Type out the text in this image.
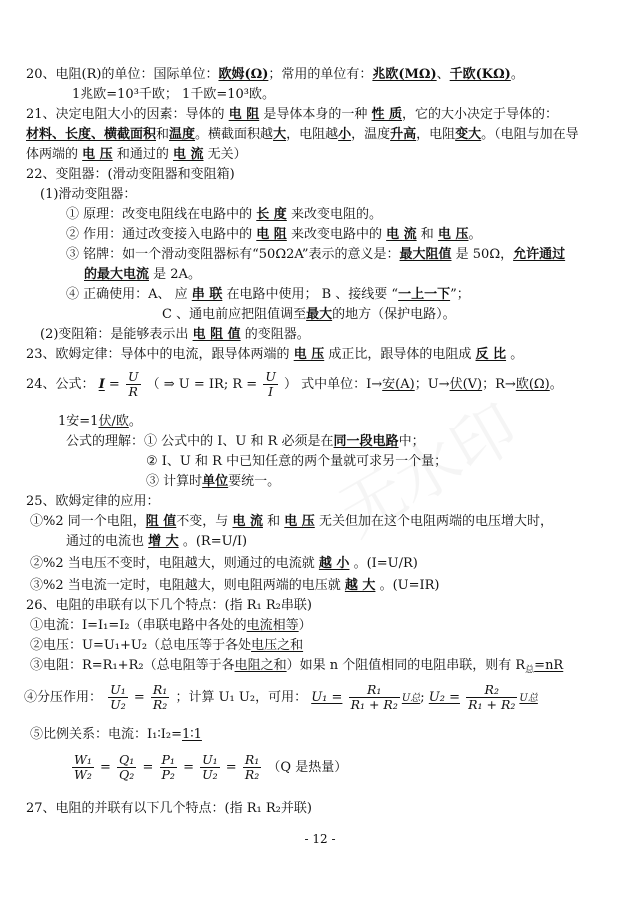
20、电阻(R)的单位：国际单位：欧姆(Ω)；常用的单位有：兆欧(MΩ)、千欧(KΩ)。
1兆欧=10³千欧； 1千欧=10³欧。
21、决定电阻大小的因素：导体的 电 阻 是导体本身的一种 性 质，它的大小决定于导体的：
材料、长度、横截面积和温度。横截面积越大，电阻越小，温度升高，电阻变大。（电阻与加在导
体两端的 电 压 和通过的 电 流 无关）
22、变阻器：(滑动变阻器和变阻箱)
(1)滑动变阻器：
① 原理：改变电阻线在电路中的 长 度 来改变电阻的。
② 作用：通过改变接入电路中的 电 阻 来改变电路中的 电 流 和 电 压。
③ 铭牌：如一个滑动变阻器标有“50Ω2A”表示的意义是：最大阻值 是 50Ω，允许通过
的最大电流 是 2A。
④ 正确使用：A、 应 串 联 在电路中使用； B 、接线要 “一上一下”；
C 、通电前应把阻值调至最大的地方（保护电路）。
(2)变阻箱：是能够表示出 电 阻 值 的变阻器。
23、欧姆定律：导体中的电流，跟导体两端的 电 压 成正比，跟导体的电阻成 反 比 。
24、公式： $I = \frac{U}{R}$ （ ⇒ U = IR; $R = \frac{U}{I}$ ） 式中单位：I→安(A)；U→伏(V)；R→欧(Ω)。
1安=1伏/欧。
公式的理解：① 公式中的 I、U 和 R 必须是在同一段电路中；
② I、U 和 R 中已知任意的两个量就可求另一个量；
③ 计算时单位要统一。
25、欧姆定律的应用：
①%2 同一个电阻，阻 值不变，与 电 流 和 电 压 无关但加在这个电阻两端的电压增大时，
通过的电流也 增 大 。(R=U/I)
②%2 当电压不变时，电阻越大，则通过的电流就 越 小 。(I=U/R)
③%2 当电流一定时，电阻越大，则电阻两端的电压就 越 大 。(U=IR)
26、电阻的串联有以下几个特点：(指 R₁ R₂串联)
①电流：I=I₁=I₂（串联电路中各处的电流相等）
②电压：U=U₁+U₂（总电压等于各处电压之和
③电阻：R=R₁+R₂（总电阻等于各电阻之和）如果 n 个阻值相同的电阻串联，则有 $R_总=nR$
④分压作用： $\frac{\text{U₁}}{\text{U₂}} = \frac{\text{R₁}}{\text{R₂}}$ ；计算 U₁ U₂，可用： $U_1 = \frac{\text{R₁}}{\text{R₁ + R₂}}$ U总; $U_2 = \frac{\text{R₂}}{\text{R₁ + R₂}}$ U总
⑤比例关系：电流：I₁∶I₂=1∶1
$\frac{\text{W₁}}{\text{W₂}} = \frac{\text{Q₁}}{\text{Q₂}} = \frac{\text{P₁}}{\text{P₂}} = \frac{\text{U₁}}{\text{U₂}} = \frac{\text{R₁}}{\text{R₂}} (Q$ 是热量）
27、电阻的并联有以下几个特点：(指 R₁ R₂并联)
- 12 -
